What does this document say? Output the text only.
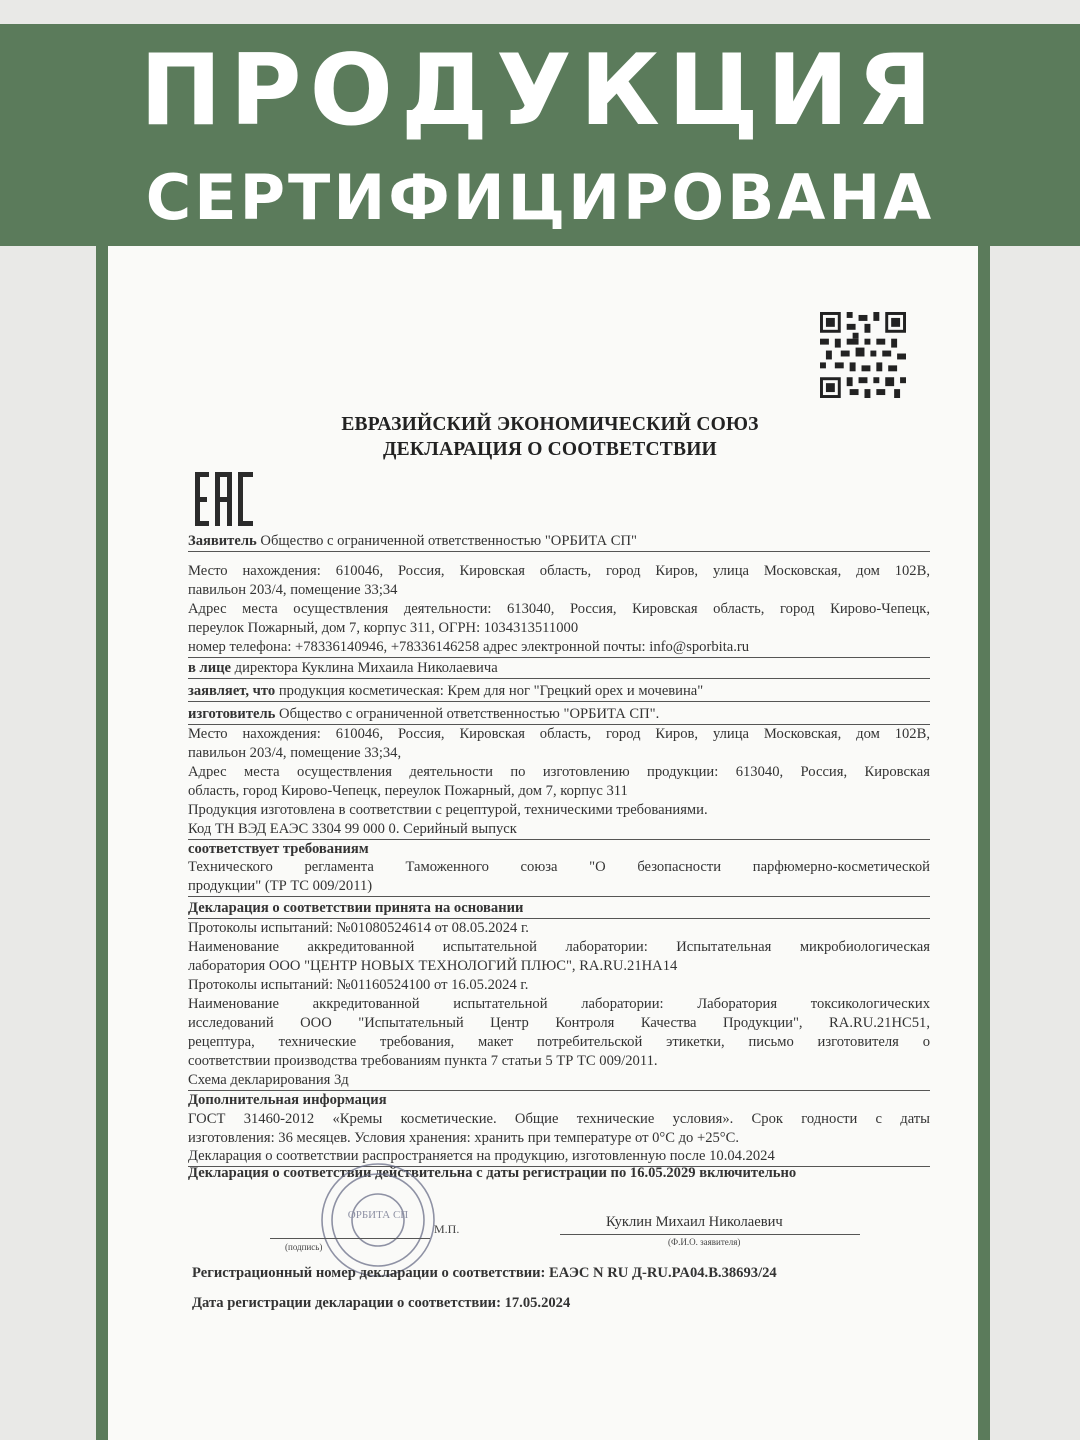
ПРОДУКЦИЯ
СЕРТИФИЦИРОВАНА
ЕВРАЗИЙСКИЙ ЭКОНОМИЧЕСКИЙ СОЮЗ
ДЕКЛАРАЦИЯ О СООТВЕТСТВИИ
Заявитель Общество с ограниченной ответственностью "ОРБИТА СП"
Место нахождения: 610046, Россия, Кировская область, город Киров, улица Московская, дом 102В,
павильон 203/4, помещение 33;34
Адрес места осуществления деятельности: 613040, Россия, Кировская область, город Кирово-Чепецк,
переулок Пожарный, дом 7, корпус 311, ОГРН: 1034313511000
номер телефона: +78336140946, +78336146258 адрес электронной почты: info@sporbita.ru
в лице директора Куклина Михаила Николаевича
заявляет, что продукция косметическая: Крем для ног "Грецкий орех и мочевина"
изготовитель Общество с ограниченной ответственностью "ОРБИТА СП".
Место нахождения: 610046, Россия, Кировская область, город Киров, улица Московская, дом 102В,
павильон 203/4, помещение 33;34,
Адрес места осуществления деятельности по изготовлению продукции: 613040, Россия, Кировская
область, город Кирово-Чепецк, переулок Пожарный, дом 7, корпус 311
Продукция изготовлена в соответствии с рецептурой, техническими требованиями.
Код ТН ВЭД ЕАЭС 3304 99 000 0. Серийный выпуск
соответствует требованиям
Технического регламента Таможенного союза "О безопасности парфюмерно-косметической
продукции" (ТР ТС 009/2011)
Декларация о соответствии принята на основании
Протоколы испытаний: №01080524614 от 08.05.2024 г.
Наименование аккредитованной испытательной лаборатории: Испытательная микробиологическая
лаборатория ООО "ЦЕНТР НОВЫХ ТЕХНОЛОГИЙ ПЛЮС", RA.RU.21НА14
Протоколы испытаний: №01160524100 от 16.05.2024 г.
Наименование аккредитованной испытательной лаборатории: Лаборатория токсикологических
исследований ООО "Испытательный Центр Контроля Качества Продукции", RA.RU.21НС51,
рецептура, технические требования, макет потребительской этикетки, письмо изготовителя о
соответствии производства требованиям пункта 7 статьи 5 ТР ТС 009/2011.
Схема декларирования 3д
Дополнительная информация
ГОСТ 31460-2012 «Кремы косметические. Общие технические условия». Срок годности с даты
изготовления: 36 месяцев. Условия хранения: хранить при температуре от 0°С до +25°С.
Декларация о соответствии распространяется на продукцию, изготовленную после 10.04.2024
Декларация о соответствии действительна с даты регистрации по 16.05.2029 включительно
ОРБИТА СП
(подпись)
М.П.	Куклин Михаил Николаевич
(Ф.И.О. заявителя)
Регистрационный номер декларации о соответствии: ЕАЭС N RU Д-RU.PA04.B.38693/24
Дата регистрации декларации о соответствии: 17.05.2024
